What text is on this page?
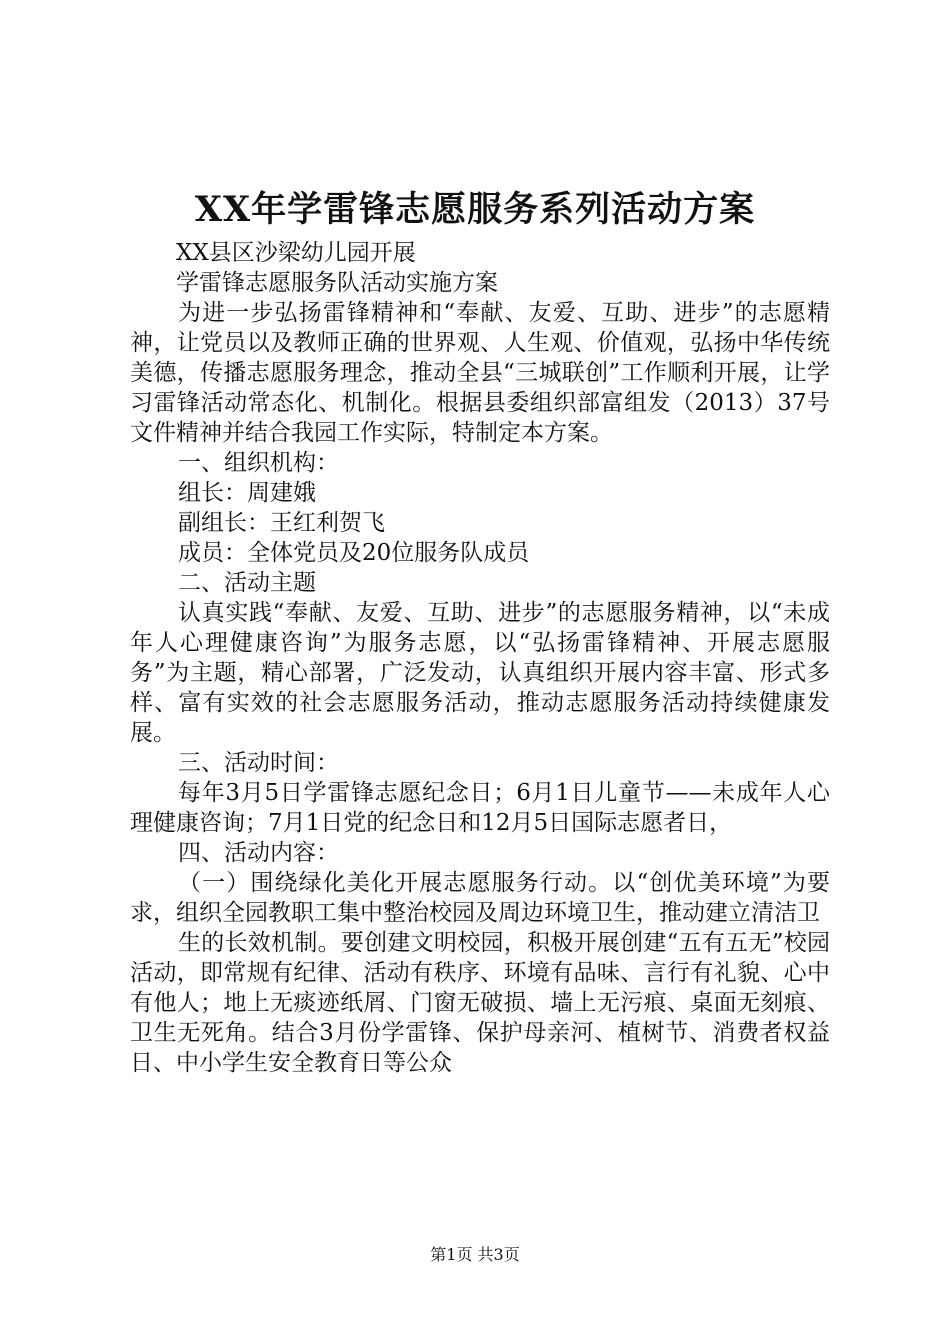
XX年学雷锋志愿服务系列活动方案
XX县区沙梁幼儿园开展
学雷锋志愿服务队活动实施方案
为进一步弘扬雷锋精神和“奉献、友爱、互助、进步”的志愿精神，让党员以及教师正确的世界观、人生观、价值观，弘扬中华传统美德，传播志愿服务理念，推动全县“三城联创”工作顺利开展，让学习雷锋活动常态化、机制化。根据县委组织部富组发（2013）37号文件精神并结合我园工作实际，特制定本方案。
一、组织机构：
组长：周建娥
副组长：王红利贺飞
成员：全体党员及20位服务队成员
二、活动主题
认真实践“奉献、友爱、互助、进步”的志愿服务精神，以“未成年人心理健康咨询”为服务志愿，以“弘扬雷锋精神、开展志愿服务”为主题，精心部署，广泛发动，认真组织开展内容丰富、形式多样、富有实效的社会志愿服务活动，推动志愿服务活动持续健康发展。
三、活动时间：
每年3月5日学雷锋志愿纪念日；6月1日儿童节——未成年人心理健康咨询；7月1日党的纪念日和12月5日国际志愿者日，
四、活动内容：
（一）围绕绿化美化开展志愿服务行动。以“创优美环境”为要求，组织全园教职工集中整治校园及周边环境卫生，推动建立清洁卫
生的长效机制。要创建文明校园，积极开展创建“五有五无”校园活动，即常规有纪律、活动有秩序、环境有品味、言行有礼貌、心中有他人；地上无痰迹纸屑、门窗无破损、墙上无污痕、桌面无刻痕、卫生无死角。结合3月份学雷锋、保护母亲河、植树节、消费者权益日、中小学生安全教育日等公众
第1页 共3页
